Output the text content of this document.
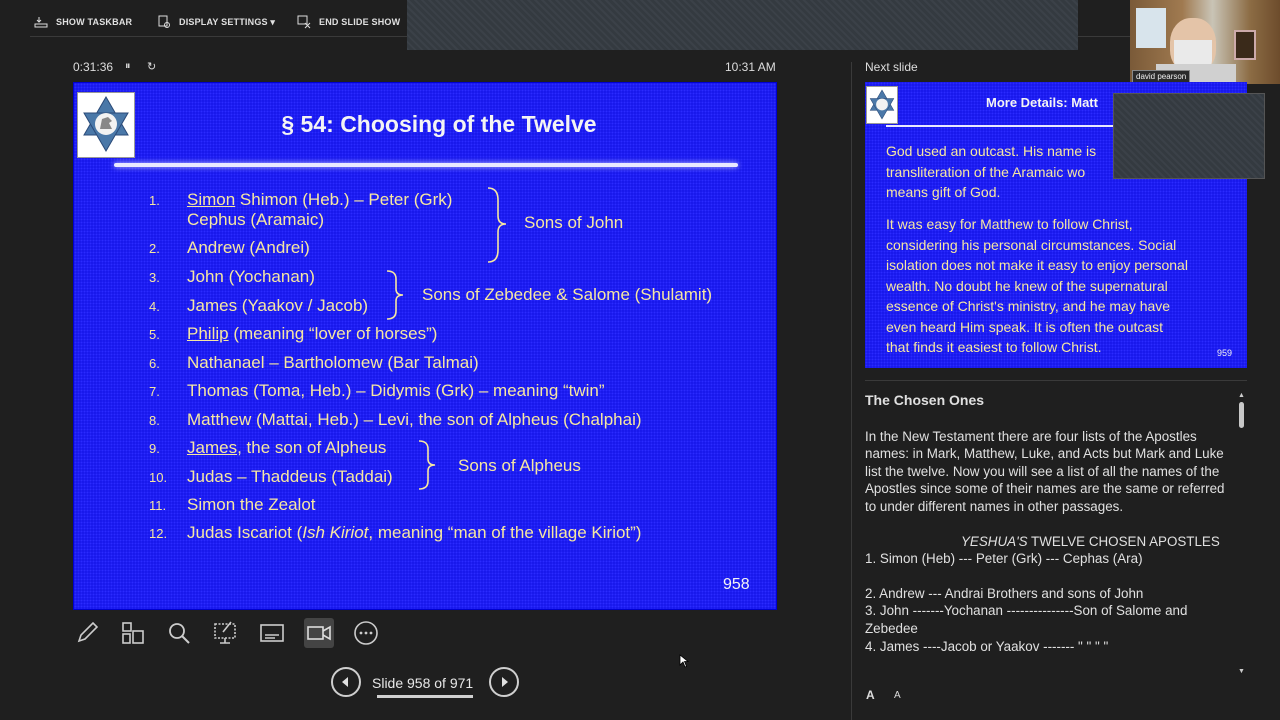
SHOW TASKBAR	DISPLAY SETTINGS ▾	END SLIDE SHOW
david pearson
0:31:36 ⏸ ↻	10:31 AM
§ 54: Choosing of the Twelve
1. Simon Shimon (Heb.) – Peter (Grk)
Cephus (Aramaic)
2. Andrew (Andrei)
3. John (Yochanan)
4. James (Yaakov / Jacob)
5. Philip (meaning “lover of horses”)
6. Nathanael – Bartholomew (Bar Talmai)
7. Thomas (Toma, Heb.) – Didymis (Grk) – meaning “twin”
8. Matthew (Mattai, Heb.) – Levi, the son of Alpheus (Chalphai)
9. James, the son of Alpheus
10. Judas – Thaddeus (Taddai)
11. Simon the Zealot
12. Judas Iscariot (Ish Kiriot, meaning “man of the village Kiriot”)
Sons of John
Sons of Zebedee & Salome (Shulamit)
Sons of Alpheus
958
Slide 958 of 971
Next slide
More Details: Matt
God used an outcast. His name is
transliteration of the Aramaic wo
means gift of God.
It was easy for Matthew to follow Christ,
considering his personal circumstances. Social
isolation does not make it easy to enjoy personal
wealth. No doubt he knew of the supernatural
essence of Christ's ministry, and he may have
even heard Him speak. It is often the outcast
that finds it easiest to follow Christ.	959
The Chosen Ones

In the New Testament there are four lists of the Apostles names: in Mark, Matthew, Luke, and Acts but Mark and Luke list the twelve. Now you will see a list of all the names of the Apostles since some of their names are the same or referred to under different names in other passages.

YESHUA'S TWELVE CHOSEN APOSTLES

1. Simon (Heb) --- Peter (Grk) --- Cephas (Ara)

2. Andrew --- Andrai Brothers and sons of John

3. John -------Yochanan ---------------Son of Salome and Zebedee

4. James ----Jacob or Yaakov ------- " " " "

▲
▼
A A
